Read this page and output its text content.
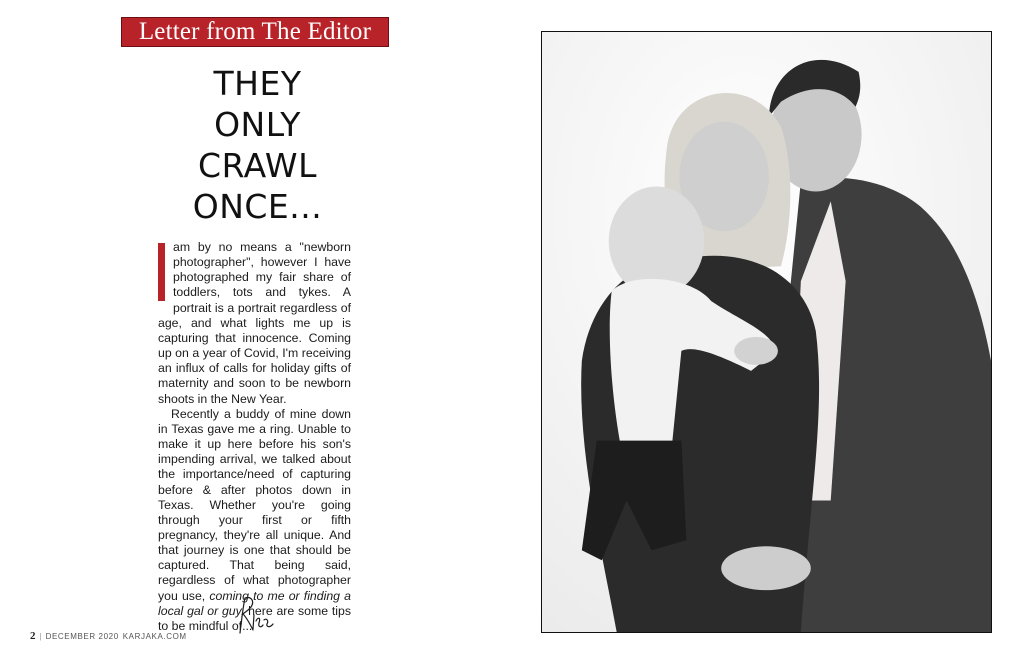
Letter from The Editor
THEY
ONLY
CRAWL
ONCE...

am by no means a "newborn photographer", however I have photographed my fair share of toddlers, tots and tykes. A portrait is a portrait regardless of age, and what lights me up is capturing that innocence. Coming up on a year of Covid, I'm receiving an influx of calls for holiday gifts of maternity and soon to be newborn shoots in the New Year.

Recently a buddy of mine down in Texas gave me a ring. Unable to make it up here before his son's impending arrival, we talked about the importance/need of capturing before & after photos down in Texas. Whether you're going through your first or fifth pregnancy, they're all unique. And that journey is one that should be captured. That being said, regardless of what photographer you use, coming to me or finding a local gal or guy, here are some tips to be mindful of...

2 | DECEMBER 2020 KARJAKA.COM
